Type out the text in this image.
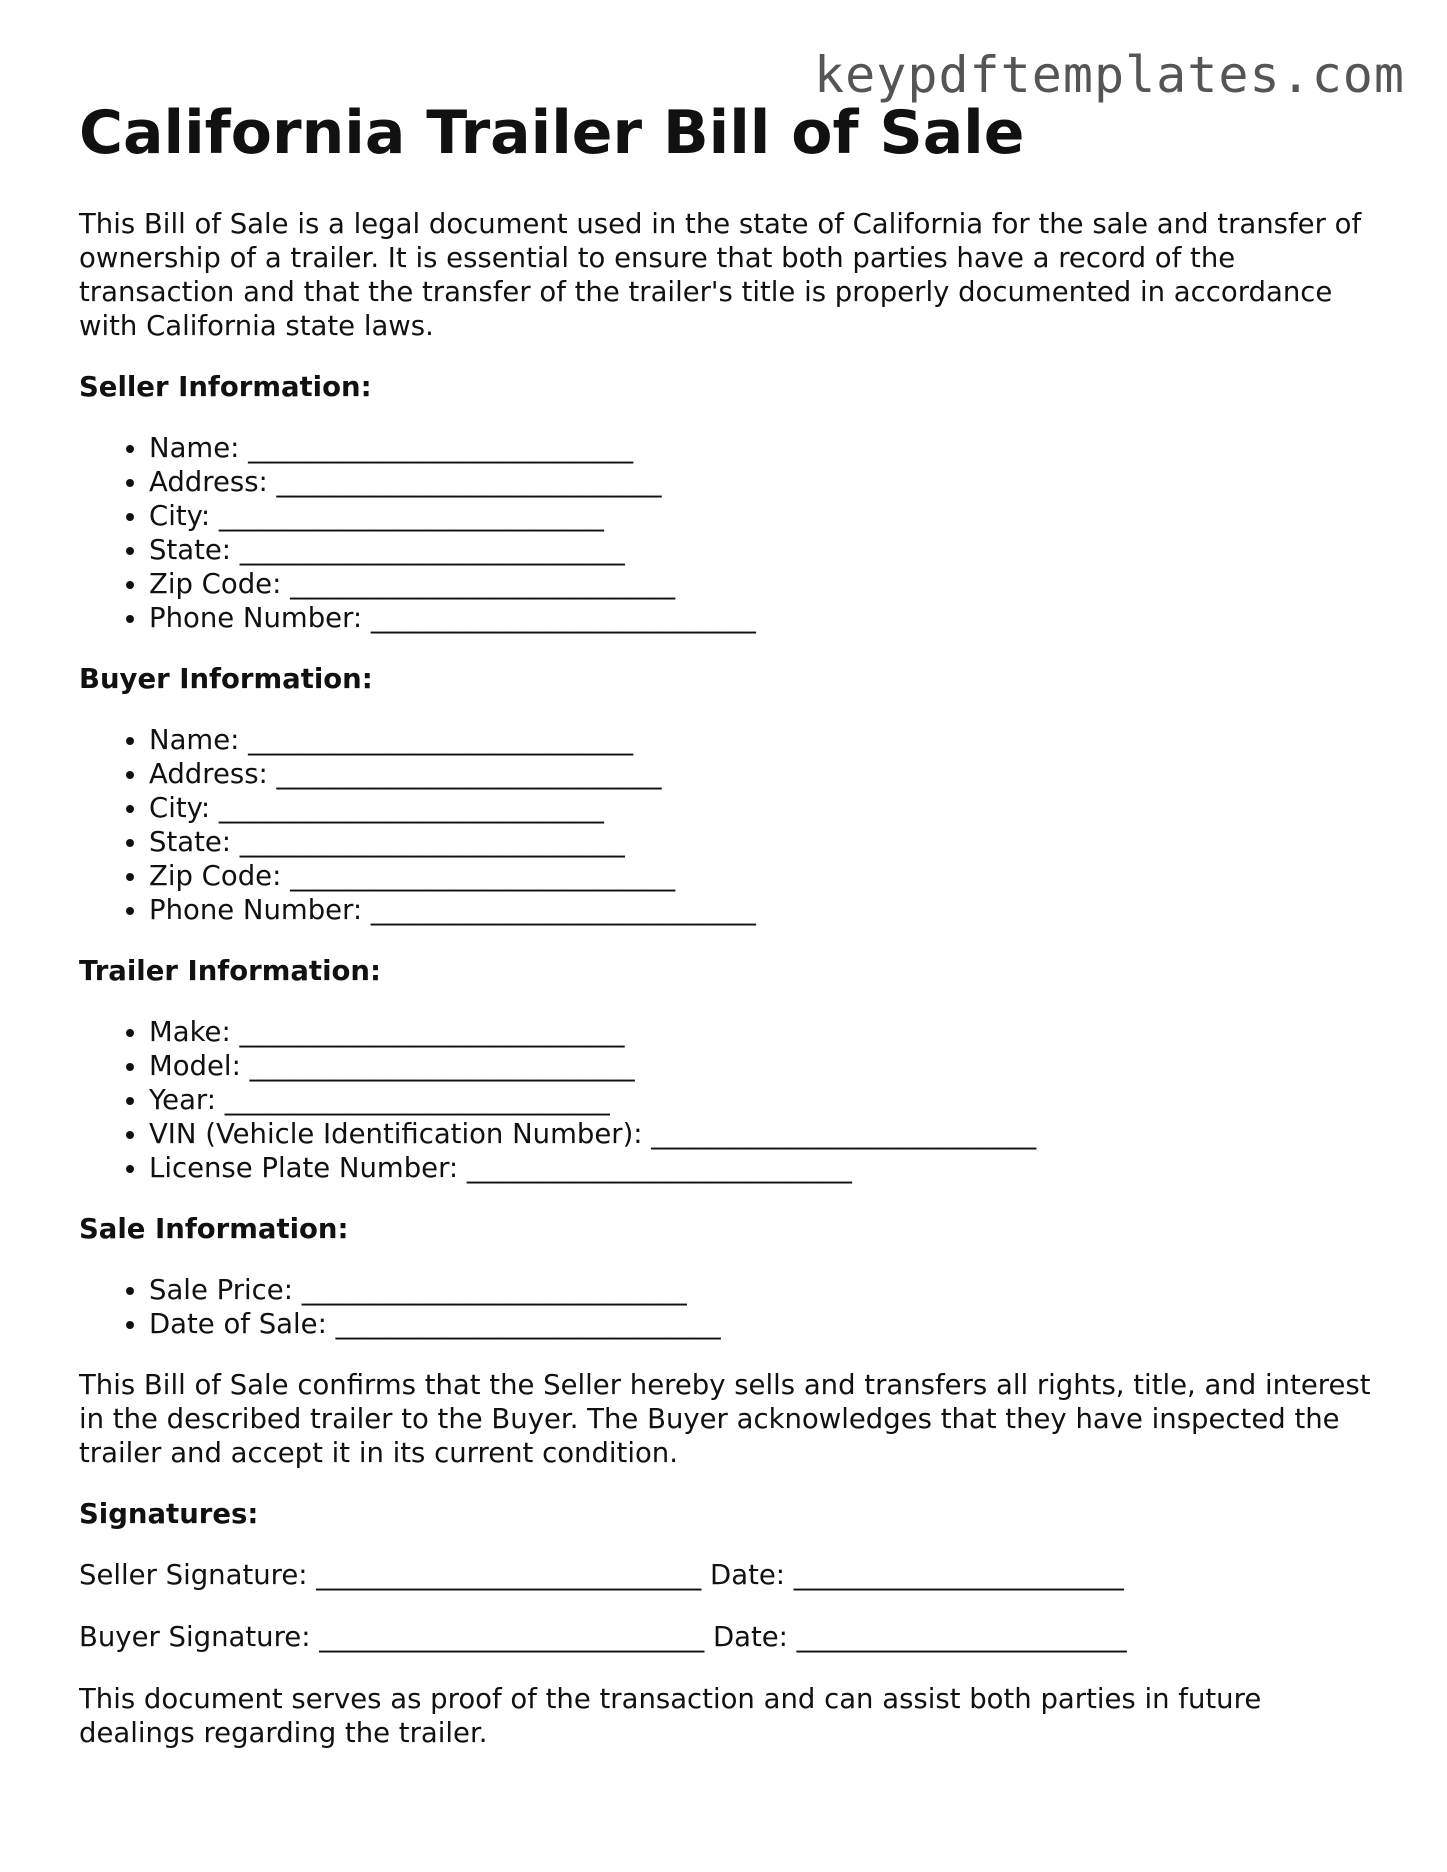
keypdftemplates.com
California Trailer Bill of Sale

This Bill of Sale is a legal document used in the state of California for the sale and transfer of ownership of a trailer. It is essential to ensure that both parties have a record of the transaction and that the transfer of the trailer's title is properly documented in accordance with California state laws.

Seller Information:
• Name: ____________________________
• Address: ____________________________
• City: ____________________________
• State: ____________________________
• Zip Code: ____________________________
• Phone Number: ____________________________
Buyer Information:
• Name: ____________________________
• Address: ____________________________
• City: ____________________________
• State: ____________________________
• Zip Code: ____________________________
• Phone Number: ____________________________
Trailer Information:
• Make: ____________________________
• Model: ____________________________
• Year: ____________________________
• VIN (Vehicle Identification Number): ____________________________
• License Plate Number: ____________________________
Sale Information:
• Sale Price: ____________________________
• Date of Sale: ____________________________

This Bill of Sale confirms that the Seller hereby sells and transfers all rights, title, and interest in the described trailer to the Buyer. The Buyer acknowledges that they have inspected the trailer and accept it in its current condition.

Signatures:
Seller Signature: ____________________________ Date: ________________________
Buyer Signature: ____________________________ Date: ________________________

This document serves as proof of the transaction and can assist both parties in future dealings regarding the trailer.
